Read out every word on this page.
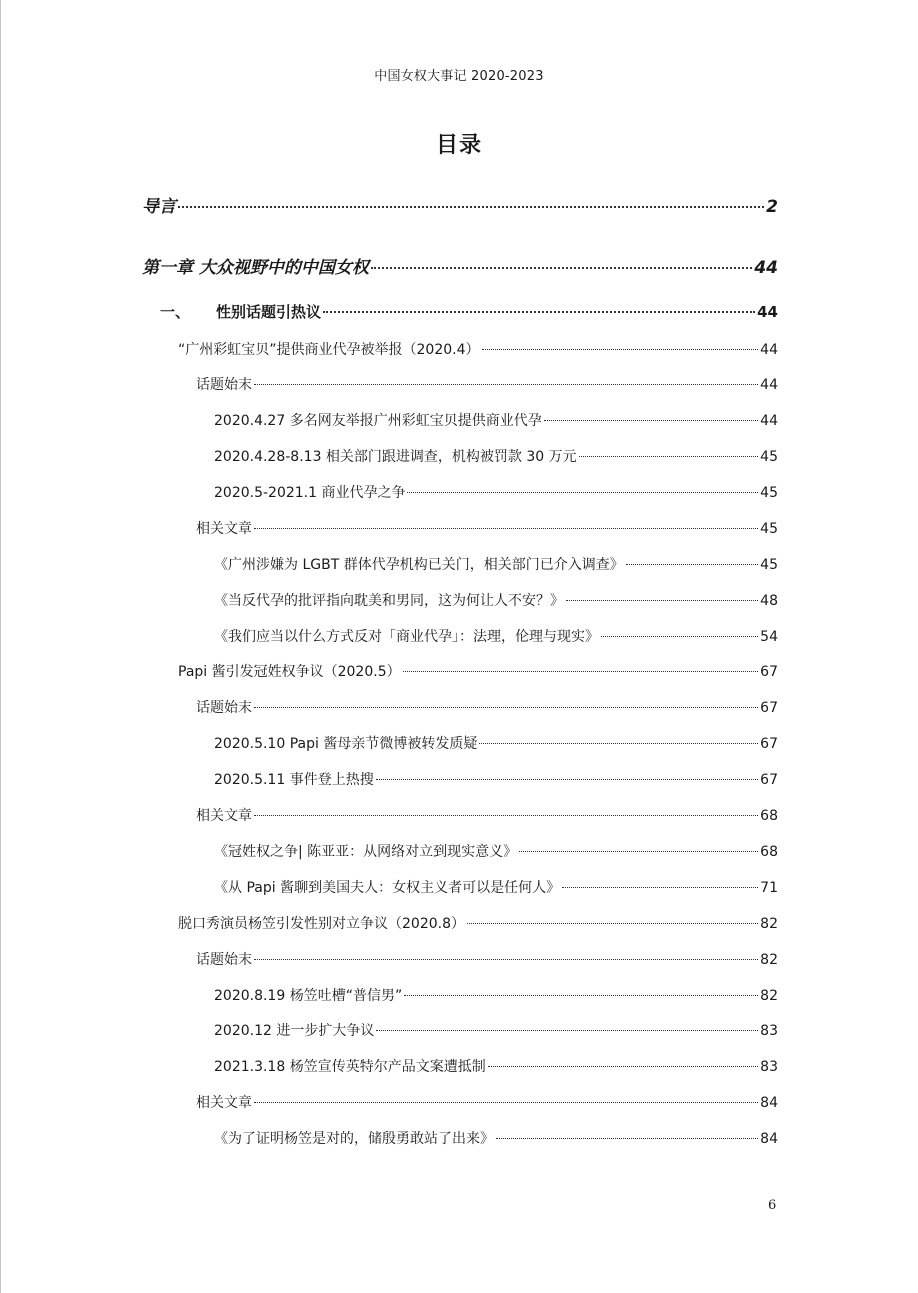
中国女权大事记 2020-2023
目录
导言	2
第一章 大众视野中的中国女权	44
一、 性别话题引热议	44
“广州彩虹宝贝”提供商业代孕被举报（2020.4）	44
话题始末	44
2020.4.27 多名网友举报广州彩虹宝贝提供商业代孕	44
2020.4.28-8.13 相关部门跟进调查，机构被罚款 30 万元	45
2020.5-2021.1 商业代孕之争	45
相关文章	45
《广州涉嫌为 LGBT 群体代孕机构已关门，相关部门已介入调查》	45
《当反代孕的批评指向耽美和男同，这为何让人不安？》	48
《我们应当以什么方式反对「商业代孕」：法理，伦理与现实》	54
Papi 酱引发冠姓权争议（2020.5）	67
话题始末	67
2020.5.10 Papi 酱母亲节微博被转发质疑	67
2020.5.11 事件登上热搜	67
相关文章	68
《冠姓权之争| 陈亚亚：从网络对立到现实意义》	68
《从 Papi 酱聊到美国夫人：女权主义者可以是任何人》	71
脱口秀演员杨笠引发性别对立争议（2020.8）	82
话题始末	82
2020.8.19 杨笠吐槽“普信男”	82
2020.12 进一步扩大争议	83
2021.3.18 杨笠宣传英特尔产品文案遭抵制	83
相关文章	84
《为了证明杨笠是对的，储殷勇敢站了出来》	84
6
